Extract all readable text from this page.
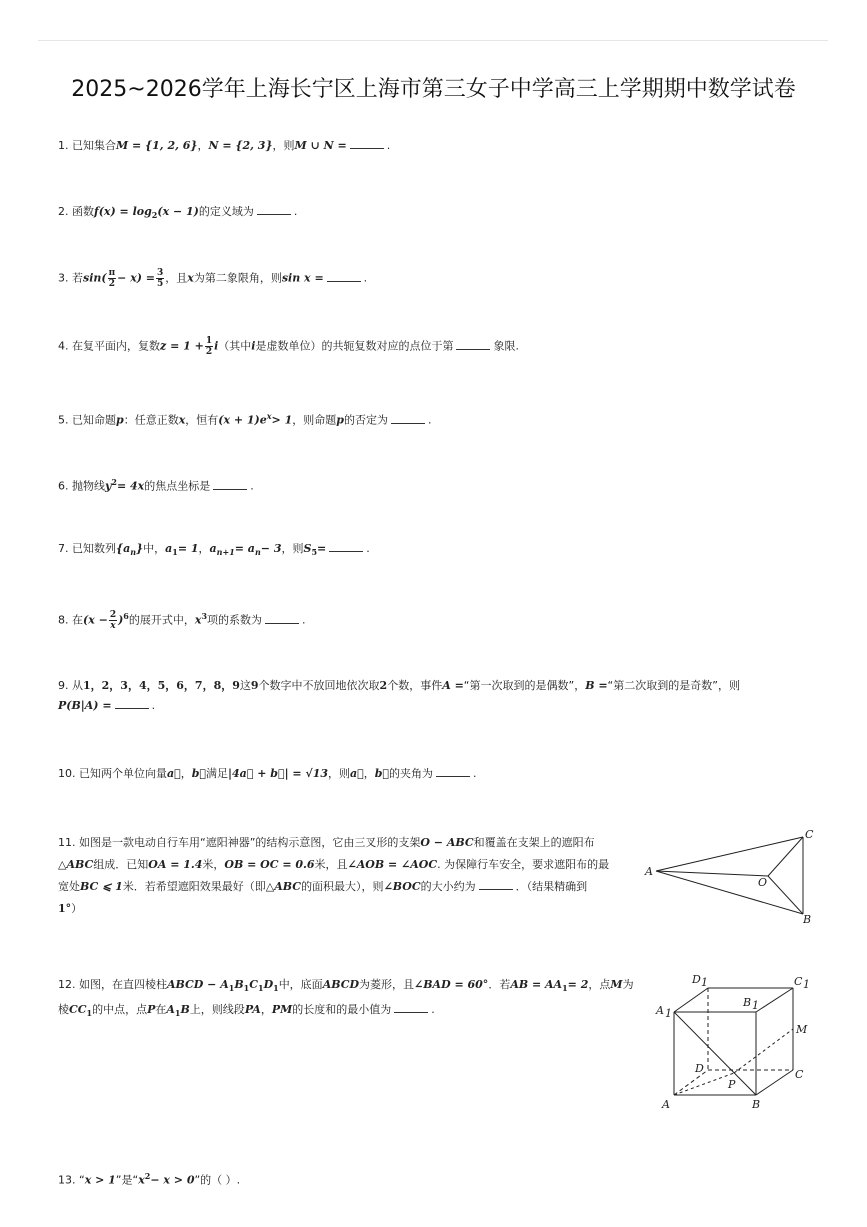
2025~2026学年上海长宁区上海市第三女子中学高三上学期期中数学试卷
1. 已知集合M = {1, 2, 6}，N = {2, 3}，则M ∪ N =	.
2. 函数$f(x) = \log_2(x - 1)$的定义域为	.
3. 若$\sin( \frac{\pi}{2} - x) = \frac{3}{5}$ ，且x为第二象限角，则sin x =	.
4. 在复平面内，复数$z = 1 + \frac{1}{2} i$（其中i是虚数单位）的共轭复数对应的点位于第	象限.
5. 已知命题p：任意正数x，恒有$(x + 1)e^x> 1$，则命题p的否定为	.
6. 抛物线$y^2= 4x$的焦点坐标是	.
7. 已知数列$\{a_n\}$中，$a_1= 1$，$a_{n+1}= a_n- 3$，则$S_5=$	.
8. 在$(x - \frac{2}{x} )^6$的展开式中，$x^3$项的系数为	.
9. 从1，2，3，4，5，6，7，8，9这9个数字中不放回地依次取2个数，事件A =“第一次取到的是偶数”，B =“第二次取到的是奇数”，则
P(B|A) =	.
10. 已知两个单位向量a⃗，b⃗满足|4a⃗ + b⃗| = √13，则a⃗，b⃗的夹角为	.
11. 如图是一款电动自行车用“遮阳神器”的结构示意图，它由三叉形的支架O − ABC和覆盖在支架上的遮阳布
△ABC组成．已知OA = 1.4米，OB = OC = 0.6米，且∠AOB = ∠AOC. 为保障行车安全，要求遮阳布的最
宽处BC ⩽ 1米．若希望遮阳效果最好（即△ABC的面积最大），则∠BOC的大小约为	．（结果精确到
1°）
A
C
B
O
12. 如图，在直四棱柱ABCD − $A_1B_1C_1D_1$中，底面ABCD为菱形，且∠BAD = 60°．若AB = $AA_1= 2$，点M为
棱$CC_1$的中点，点P在$A_1B$上，则线段PA，PM的长度和的最小值为	.
A	B
C
D
A 1
B 1
C 1
D 1
M
P
13. “x > 1”是“$x^2- x > 0$”的（ ）.
